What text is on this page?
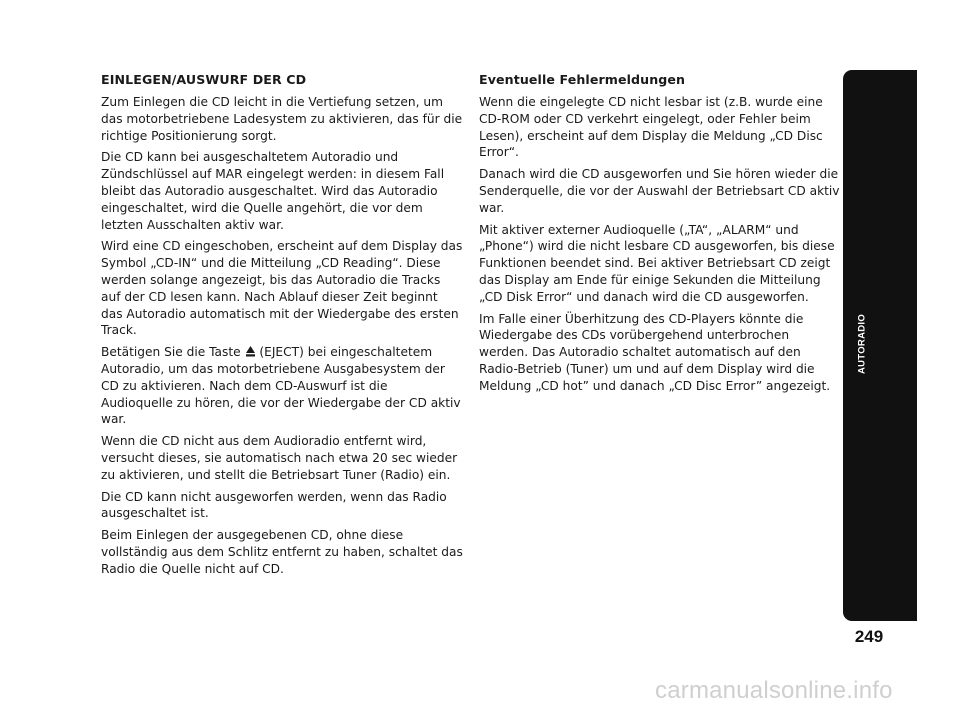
EINLEGEN/AUSWURF DER CD

Zum Einlegen die CD leicht in die Vertiefung setzen, um das motorbetriebene Ladesystem zu aktivieren, das für die richtige Positionierung sorgt.

Die CD kann bei ausgeschaltetem Autoradio und Zündschlüssel auf MAR eingelegt werden: in diesem Fall bleibt das Autoradio ausgeschaltet. Wird das Autoradio eingeschaltet, wird die Quelle angehört, die vor dem letzten Ausschalten aktiv war.

Wird eine CD eingeschoben, erscheint auf dem Display das Symbol „CD-IN“ und die Mitteilung „CD Reading“. Diese werden solange angezeigt, bis das Autoradio die Tracks auf der CD lesen kann. Nach Ablauf dieser Zeit beginnt das Autoradio automatisch mit der Wiedergabe des ersten Track.

Betätigen Sie die Taste (EJECT) bei eingeschaltetem Autoradio, um das motorbetriebene Ausgabesystem der CD zu aktivieren. Nach dem CD-Auswurf ist die Audioquelle zu hören, die vor der Wiedergabe der CD aktiv war.

Wenn die CD nicht aus dem Audioradio entfernt wird, versucht dieses, sie automatisch nach etwa 20 sec wieder zu aktivieren, und stellt die Betriebsart Tuner (Radio) ein.

Die CD kann nicht ausgeworfen werden, wenn das Radio ausgeschaltet ist.

Beim Einlegen der ausgegebenen CD, ohne diese vollständig aus dem Schlitz entfernt zu haben, schaltet das Radio die Quelle nicht auf CD.

Eventuelle Fehlermeldungen

Wenn die eingelegte CD nicht lesbar ist (z.B. wurde eine CD-ROM oder CD verkehrt eingelegt, oder Fehler beim Lesen), erscheint auf dem Display die Meldung „CD Disc Error“.

Danach wird die CD ausgeworfen und Sie hören wieder die Senderquelle, die vor der Auswahl der Betriebsart CD aktiv war.

Mit aktiver externer Audioquelle („TA“, „ALARM“ und „Phone“) wird die nicht lesbare CD ausgeworfen, bis diese Funktionen beendet sind. Bei aktiver Betriebsart CD zeigt das Display am Ende für einige Sekunden die Mitteilung „CD Disk Error“ und danach wird die CD ausgeworfen.

Im Falle einer Überhitzung des CD-Players könnte die Wiedergabe des CDs vorübergehend unterbrochen werden. Das Autoradio schaltet automatisch auf den Radio-Betrieb (Tuner) um und auf dem Display wird die Meldung „CD hot” und danach „CD Disc Error” angezeigt.

AUTORADIO
249
carmanualsonline.info
